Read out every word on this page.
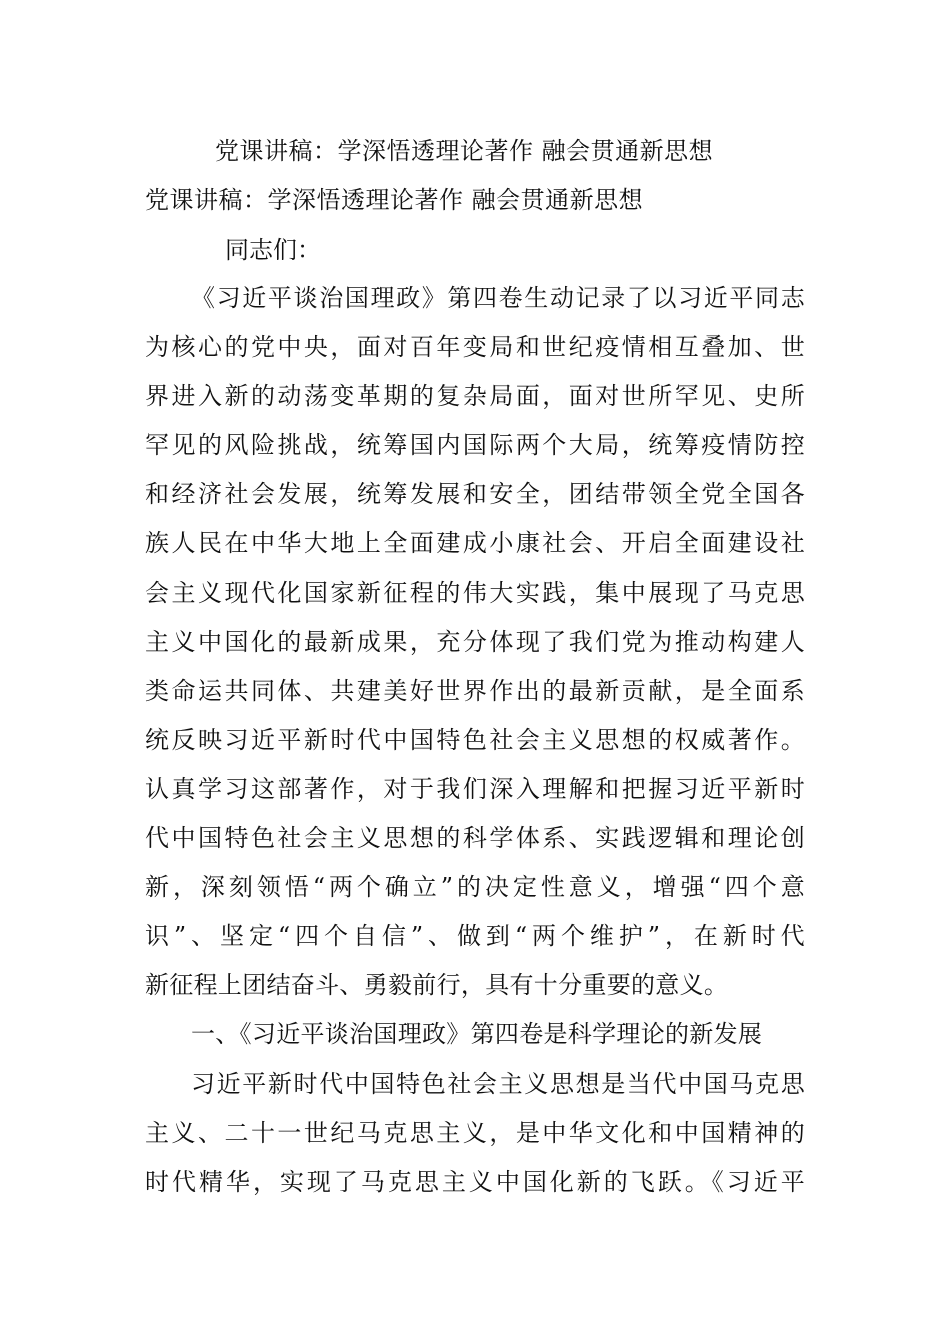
党课讲稿：学深悟透理论著作 融会贯通新思想
党课讲稿：学深悟透理论著作 融会贯通新思想
同志们：
《习近平谈治国理政》第四卷生动记录了以习近平同志
为核心的党中央，面对百年变局和世纪疫情相互叠加、世
界进入新的动荡变革期的复杂局面，面对世所罕见、史所
罕见的风险挑战，统筹国内国际两个大局，统筹疫情防控
和经济社会发展，统筹发展和安全，团结带领全党全国各
族人民在中华大地上全面建成小康社会、开启全面建设社
会主义现代化国家新征程的伟大实践，集中展现了马克思
主义中国化的最新成果，充分体现了我们党为推动构建人
类命运共同体、共建美好世界作出的最新贡献，是全面系
统反映习近平新时代中国特色社会主义思想的权威著作。
认真学习这部著作，对于我们深入理解和把握习近平新时
代中国特色社会主义思想的科学体系、实践逻辑和理论创
新，深刻领悟“两个确立”的决定性意义，增强“四个意
识”、坚定“四个自信”、做到“两个维护”，在新时代
新征程上团结奋斗、勇毅前行，具有十分重要的意义。
一、《习近平谈治国理政》第四卷是科学理论的新发展
习近平新时代中国特色社会主义思想是当代中国马克思
主义、二十一世纪马克思主义，是中华文化和中国精神的
时代精华，实现了马克思主义中国化新的飞跃。《习近平
